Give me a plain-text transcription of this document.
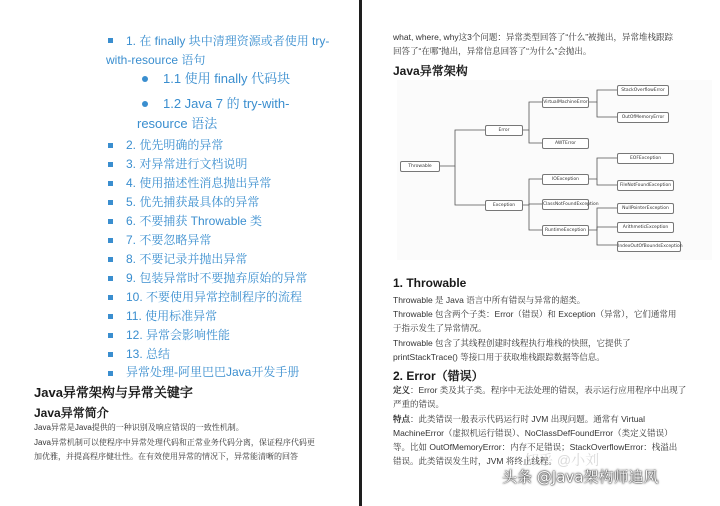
1. 在 finally 块中清理资源或者使用 try-
with-resource 语句
1.1 使用 finally 代码块
1.2 Java 7 的 try-with-
resource 语法
2. 优先明确的异常
3. 对异常进行文档说明
4. 使用描述性消息抛出异常
5. 优先捕获最具体的异常
6. 不要捕获 Throwable 类
7. 不要忽略异常
8. 不要记录并抛出异常
9. 包装异常时不要抛弃原始的异常
10. 不要使用异常控制程序的流程
11. 使用标准异常
12. 异常会影响性能
13. 总结
异常处理-阿里巴巴Java开发手册
Java异常架构与异常关键字
Java异常简介
Java异常是Java提供的一种识别及响应错误的一致性机制。
Java异常机制可以使程序中异常处理代码和正常业务代码分离，保证程序代码更
加优雅，并提高程序健壮性。在有效使用异常的情况下，异常能清晰的回答
what, where, why这3个问题：异常类型回答了“什么”被抛出，异常堆栈跟踪
回答了“在哪”抛出，异常信息回答了“为什么”会抛出。
Java异常架构
Throwable
Error
Exception
VirtualMachineError
AWTError
StackOverflowError
OutOfMemoryError
IOException
ClassNotFoundException
RuntimeException
EOFException
FileNotFoundException
NullPointerException
ArithmeticException
IndexOutOfBoundsException
1. Throwable
Throwable 是 Java 语言中所有错误与异常的超类。
Throwable 包含两个子类：Error（错误）和 Exception（异常），它们通常用
于指示发生了异常情况。
Throwable 包含了其线程创建时线程执行堆栈的快照，它提供了
printStackTrace() 等接口用于获取堆栈跟踪数据等信息。
2. Error（错误）
定义：Error 类及其子类。程序中无法处理的错误，表示运行应用程序中出现了
严重的错误。
特点：此类错误一般表示代码运行时 JVM 出现问题。通常有 Virtual
MachineError（虚拟机运行错误）、NoClassDefFoundError（类定义错误）
等。比如 OutOfMemoryError：内存不足错误；StackOverflowError：栈溢出
错误。此类错误发生时，JVM 将终止线程。
知乎 @小刘
头条 @Java架构师追风
